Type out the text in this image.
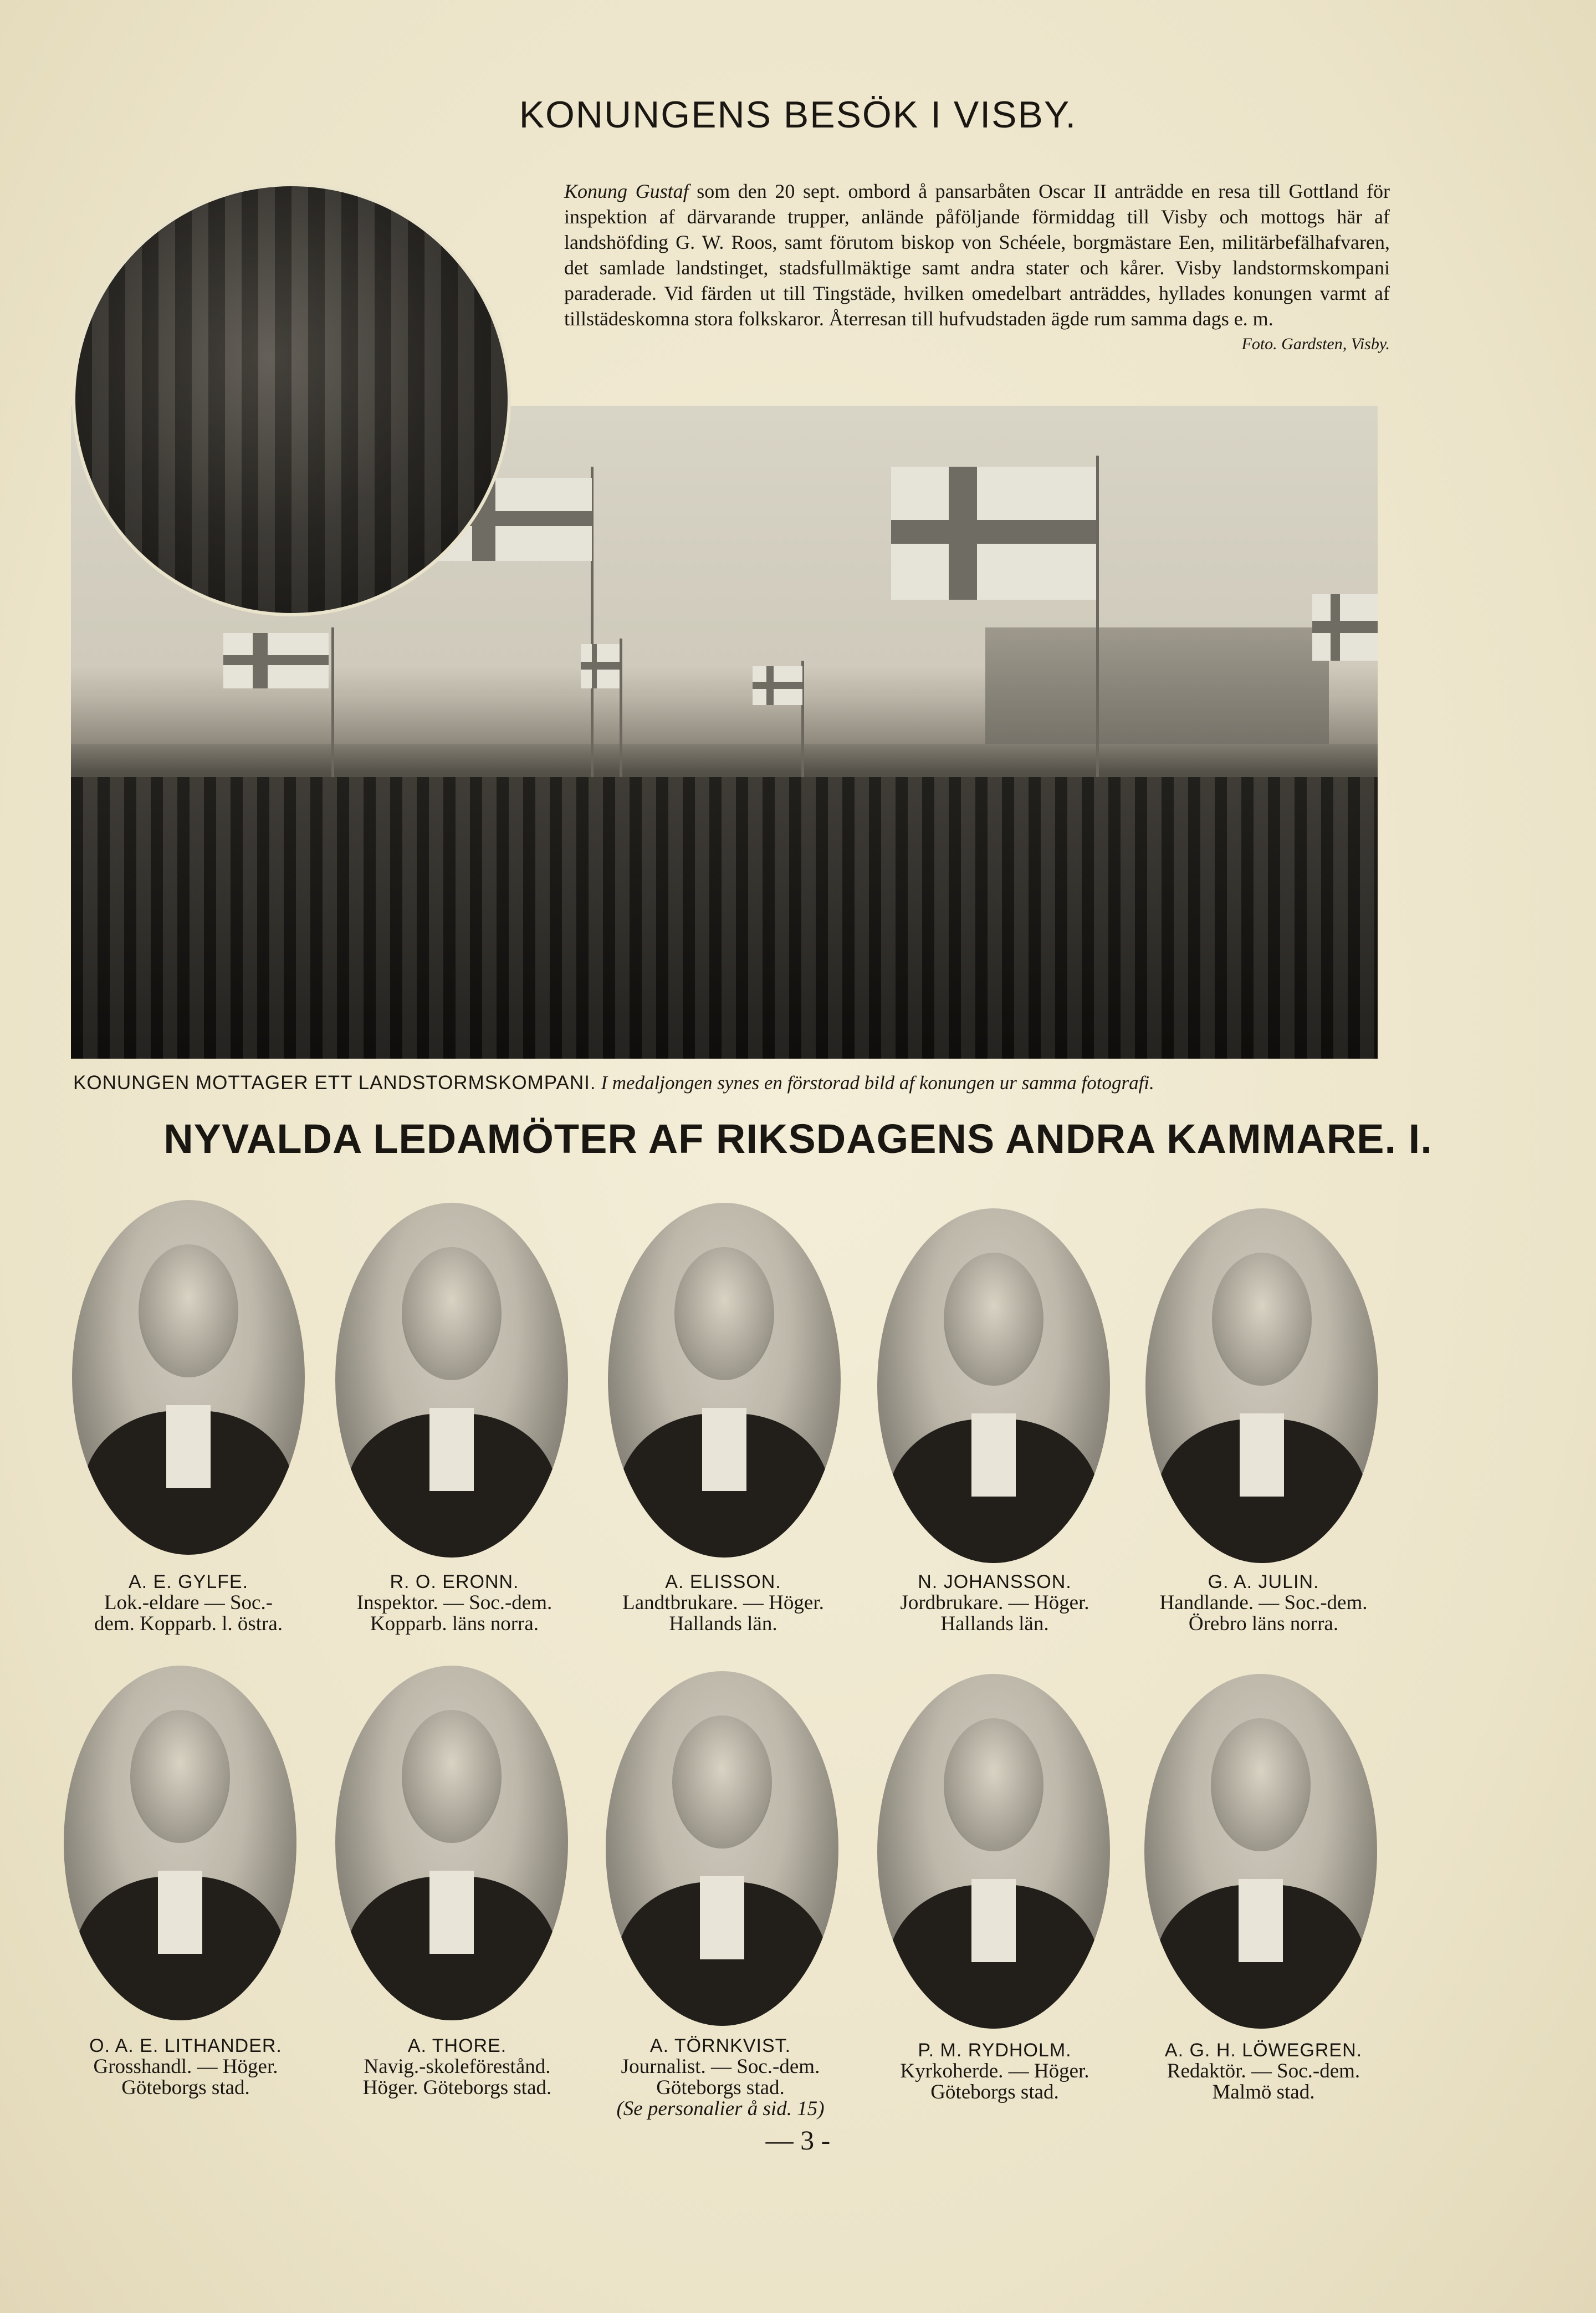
KONUNGENS BESÖK I VISBY.
Konung Gustaf som den 20 sept. ombord å pansarbåten Oscar II anträdde en resa till Gottland för inspektion af därvarande trupper, anlände påföljande förmiddag till Visby och mottogs här af landshöfding G. W. Roos, samt förutom biskop von Schéele, borgmästare Een, militärbefälhafvaren, det samlade landstinget, stadsfullmäktige samt andra stater och kårer. Visby landstormskompani paraderade. Vid färden ut till Tingstäde, hvilken omedelbart anträddes, hyllades konungen varmt af tillstädeskomna stora folkskaror. Återresan till hufvudstaden ägde rum samma dags e. m.
Foto. Gardsten, Visby.
KONUNGEN MOTTAGER ETT LANDSTORMSKOMPANI. I medaljongen synes en förstorad bild af konungen ur samma fotografi.
NYVALDA LEDAMÖTER AF RIKSDAGENS ANDRA KAMMARE. I.
A. E. GYLFE.
Lok.-eldare — Soc.-
dem. Kopparb. l. östra.
R. O. ERONN.
Inspektor. — Soc.-dem.
Kopparb. läns norra.
A. ELISSON.
Landtbrukare. — Höger.
Hallands län.
N. JOHANSSON.
Jordbrukare. — Höger.
Hallands län.
G. A. JULIN.
Handlande. — Soc.-dem.
Örebro läns norra.
O. A. E. LITHANDER.
Grosshandl. — Höger.
Göteborgs stad.
A. THORE.
Navig.-skoleförestånd.
Höger. Göteborgs stad.
A. TÖRNKVIST.
Journalist. — Soc.-dem.
Göteborgs stad.
(Se personalier å sid. 15)
P. M. RYDHOLM.
Kyrkoherde. — Höger.
Göteborgs stad.
A. G. H. LÖWEGREN.
Redaktör. — Soc.-dem.
Malmö stad.
— 3 -
